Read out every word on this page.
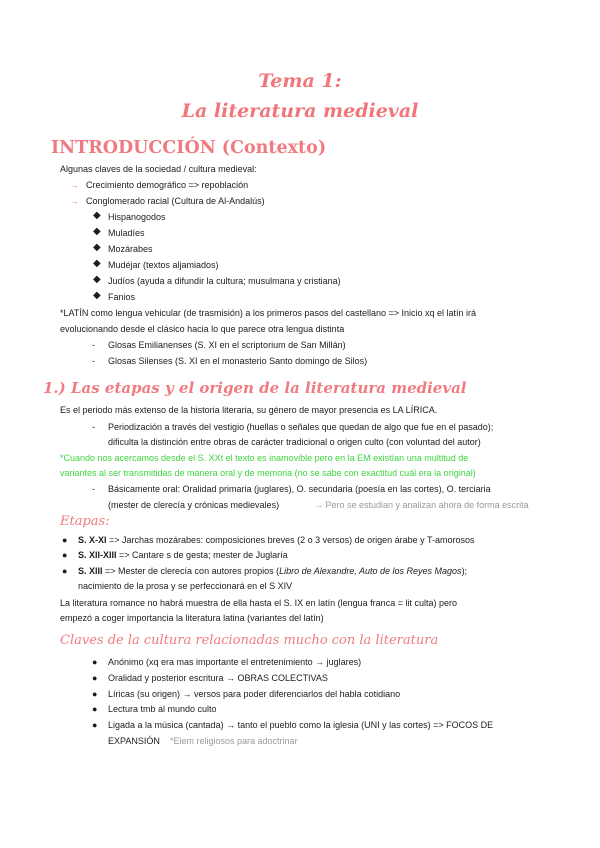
Tema 1:
La literatura medieval
INTRODUCCIÓN (Contexto)
Algunas claves de la sociedad / cultura medieval:
→ Crecimiento demográfico => repoblación
→ Conglomerado racial (Cultura de Al-Andalús)
◆ Hispanogodos
◆ Muladíes
◆ Mozárabes
◆ Mudéjar (textos aljamiados)
◆ Judíos (ayuda a difundir la cultura; musulmana y cristiana)
◆ Fanios
*LATÍN como lengua vehicular (de trasmisión) a los primeros pasos del castellano => Inicio xq el latín irá
evolucionando desde el clásico hacia lo que parece otra lengua distinta
- Glosas Emilianenses (S. XI en el scriptorium de San Millán)
- Glosas Silenses (S. XI en el monasterio Santo domingo de Silos)
1.) Las etapas y el origen de la literatura medieval
Es el periodo más extenso de la historia literaria, su género de mayor presencia es LA LÍRICA.
- Periodización a través del vestigio (huellas o señales que quedan de algo que fue en el pasado);
dificulta la distinción entre obras de carácter tradicional o origen culto (con voluntad del autor)
*Cuando nos acercamos desde el S. XXt el texto es inamovible pero en la EM existían una multitud de
variantes al ser transmitidas de manera oral y de memoria (no se sabe con exactitud cuál era la original)
- Básicamente oral: Oralidad primaria (juglares), O. secundaria (poesía en las cortes), O. terciaria
(mester de clerecía y crónicas medievales)	→ Pero se estudian y analizan ahora de forma escrita
Etapas:
● S. X-XI => Jarchas mozárabes: composiciones breves (2 o 3 versos) de origen árabe y T-amorosos
● S. XII-XIII => Cantare s de gesta; mester de Juglaría
● S. XIII => Mester de clerecía con autores propios (Libro de Alexandre, Auto de los Reyes Magos);
nacimiento de la prosa y se perfeccionará en el S XIV
La literatura romance no habrá muestra de ella hasta el S. IX en latín (lengua franca = lit culta) pero
empezó a coger importancia la literatura latina (variantes del latín)
Claves de la cultura relacionadas mucho con la literatura
● Anónimo (xq era mas importante el entretenimiento → juglares)
● Oralidad y posterior escritura → OBRAS COLECTIVAS
● Líricas (su origen) → versos para poder diferenciarlos del habla cotidiano
● Lectura tmb al mundo culto
● Ligada a la música (cantada) → tanto el pueblo como la iglesia (UNI y las cortes) => FOCOS DE
EXPANSIÓN *Elem religiosos para adoctrinar
